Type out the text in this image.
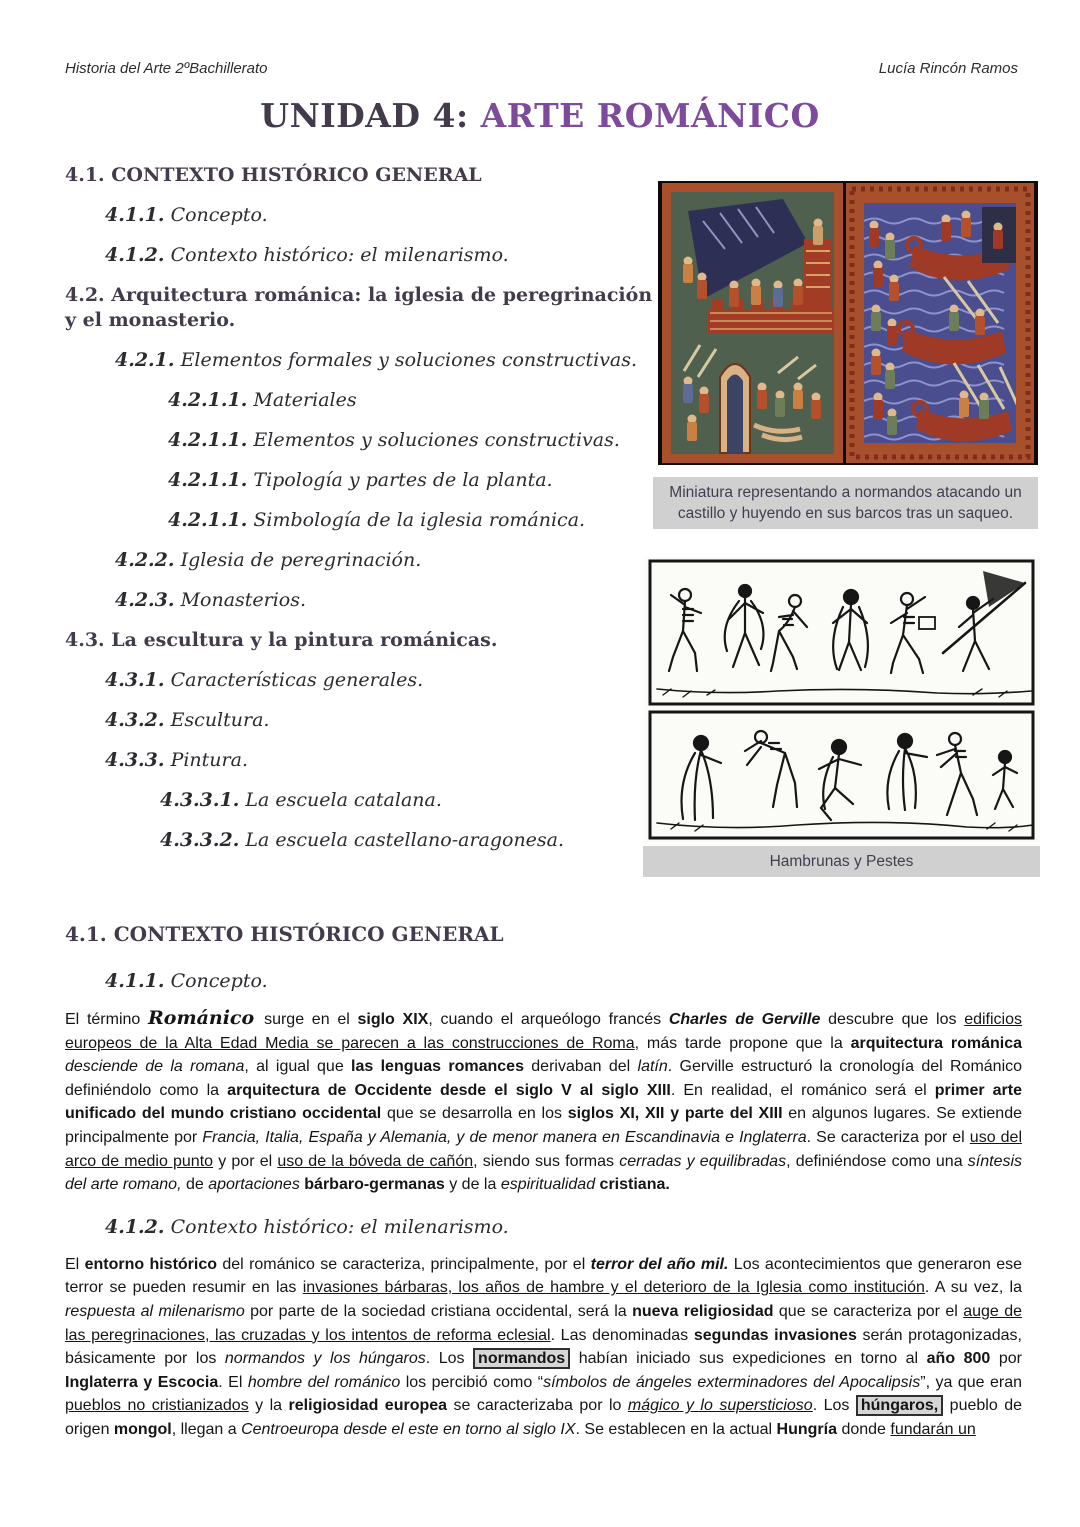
Historia del Arte 2ºBachillerato	Lucía Rincón Ramos
UNIDAD 4: ARTE ROMÁNICO
4.1. CONTEXTO HISTÓRICO GENERAL
4.1.1. Concepto.
4.1.2. Contexto histórico: el milenarismo.
4.2. Arquitectura románica: la iglesia de peregrinación y el monasterio.
4.2.1. Elementos formales y soluciones constructivas.
4.2.1.1. Materiales
4.2.1.1. Elementos y soluciones constructivas.
4.2.1.1. Tipología y partes de la planta.
4.2.1.1. Simbología de la iglesia románica.
4.2.2. Iglesia de peregrinación.
4.2.3. Monasterios.
4.3. La escultura y la pintura románicas.
4.3.1. Características generales.
4.3.2. Escultura.
4.3.3. Pintura.
4.3.3.1. La escuela catalana.
4.3.3.2. La escuela castellano-aragonesa.
Miniatura representando a normandos atacando un castillo y huyendo en sus barcos tras un saqueo.
Hambrunas y Pestes
4.1. CONTEXTO HISTÓRICO GENERAL
4.1.1. Concepto.

El término Románico surge en el siglo XIX, cuando el arqueólogo francés Charles de Gerville descubre que los edificios europeos de la Alta Edad Media se parecen a las construcciones de Roma, más tarde propone que la arquitectura románica desciende de la romana, al igual que las lenguas romances derivaban del latín. Gerville estructuró la cronología del Románico definiéndolo como la arquitectura de Occidente desde el siglo V al siglo XIII. En realidad, el románico será el primer arte unificado del mundo cristiano occidental que se desarrolla en los siglos XI, XII y parte del XIII en algunos lugares. Se extiende principalmente por Francia, Italia, España y Alemania, y de menor manera en Escandinavia e Inglaterra. Se caracteriza por el uso del arco de medio punto y por el uso de la bóveda de cañón, siendo sus formas cerradas y equilibradas, definiéndose como una síntesis del arte romano, de aportaciones bárbaro-germanas y de la espiritualidad cristiana.

4.1.2. Contexto histórico: el milenarismo.

El entorno histórico del románico se caracteriza, principalmente, por el terror del año mil. Los acontecimientos que generaron ese terror se pueden resumir en las invasiones bárbaras, los años de hambre y el deterioro de la Iglesia como institución. A su vez, la respuesta al milenarismo por parte de la sociedad cristiana occidental, será la nueva religiosidad que se caracteriza por el auge de las peregrinaciones, las cruzadas y los intentos de reforma eclesial. Las denominadas segundas invasiones serán protagonizadas, básicamente por los normandos y los húngaros. Los normandos habían iniciado sus expediciones en torno al año 800 por Inglaterra y Escocia. El hombre del románico los percibió como “símbolos de ángeles exterminadores del Apocalipsis”, ya que eran pueblos no cristianizados y la religiosidad europea se caracterizaba por lo mágico y lo supersticioso. Los húngaros, pueblo de origen mongol, llegan a Centroeuropa desde el este en torno al siglo IX. Se establecen en la actual Hungría donde fundarán un
